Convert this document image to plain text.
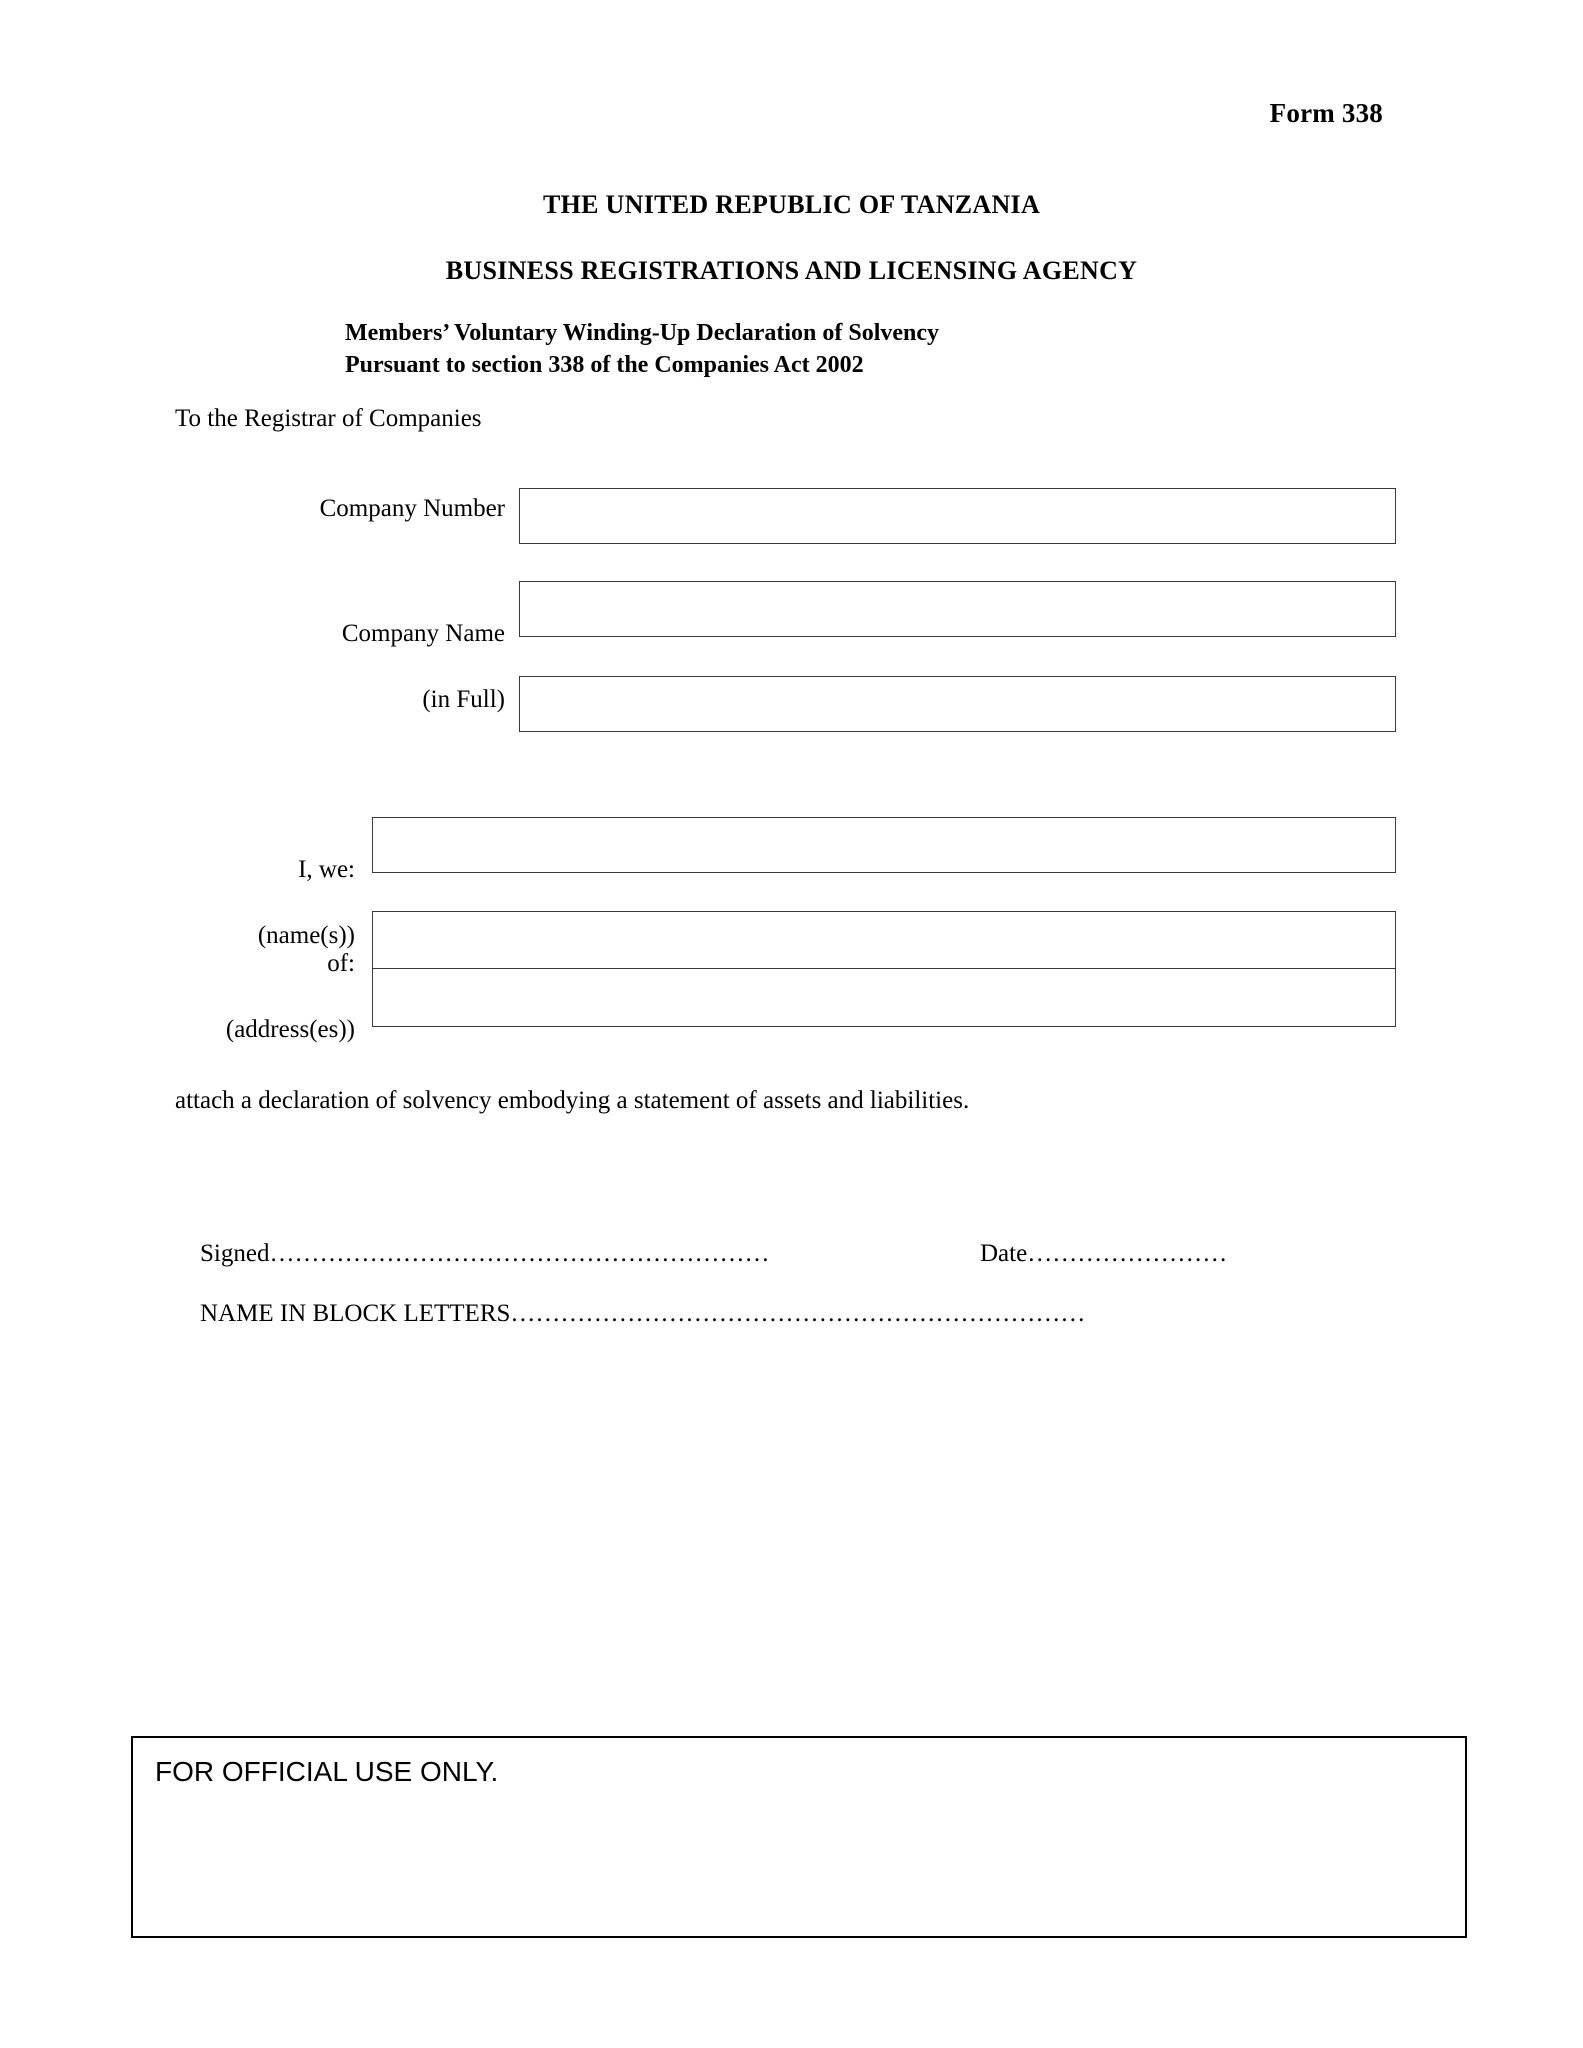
Form 338
THE UNITED REPUBLIC OF TANZANIA
BUSINESS REGISTRATIONS AND LICENSING AGENCY
Members’ Voluntary Winding-Up Declaration of Solvency
Pursuant to section 338 of the Companies Act 2002
To the Registrar of Companies
Company Number

Company Name

(in Full)

I, we:

(name(s))

of:

(address(es))

attach a declaration of solvency embodying a statement of assets and liabilities.

Signed……………………………………………………
	Date……………………

NAME IN BLOCK LETTERS……………………………………………………………

FOR OFFICIAL USE ONLY.
